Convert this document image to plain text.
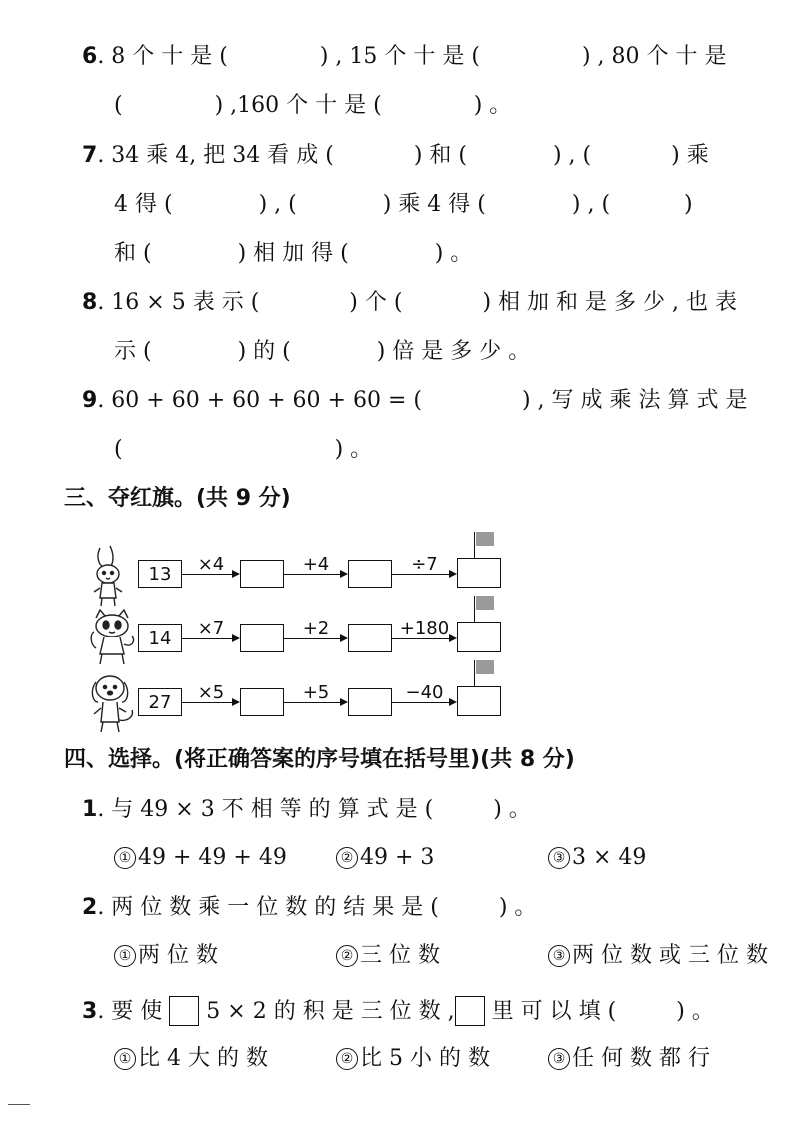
6. 8 个 十 是 (	) , 15 个 十 是 (	) , 80 个 十 是
(	) ,160 个 十 是 (	) 。
7. 34 乘 4, 把 34 看 成 (	) 和 (	) , (	) 乘
4 得 (	) , (	) 乘 4 得 (	) , (	)
和 (	) 相 加 得 (	) 。
8. 16 × 5 表 示 (	) 个 (	) 相 加 和 是 多 少 , 也 表
示 (	) 的 (	) 倍 是 多 少 。
9. 60 + 60 + 60 + 60 + 60 = (	) , 写 成 乘 法 算 式 是
(	) 。
三、夺红旗。(共 9 分)
13	×4	+4	÷7
14	×7	+2	+180
27	×5	+5	−40
四、选择。(将正确答案的序号填在括号里)(共 8 分)
1. 与 49 × 3 不 相 等 的 算 式 是 (	) 。
① 49 + 49 + 49	② 49 + 3	③ 3 × 49
2. 两 位 数 乘 一 位 数 的 结 果 是 (	) 。
① 两 位 数	② 三 位 数	③ 两 位 数 或 三 位 数
3. 要 使 5 × 2 的 积 是 三 位 数 , 里 可 以 填 (	) 。
① 比 4 大 的 数	② 比 5 小 的 数	③ 任 何 数 都 行
